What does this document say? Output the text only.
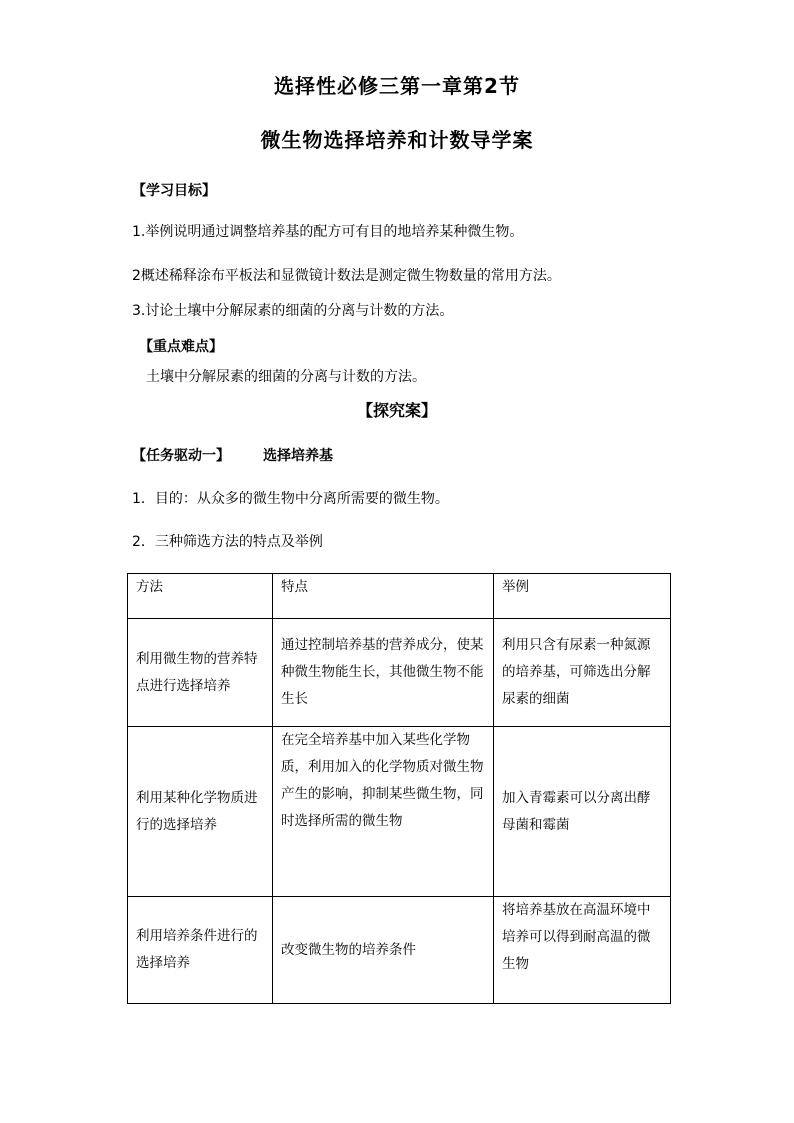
选择性必修三第一章第2节
微生物选择培养和计数导学案
【学习目标】
1.举例说明通过调整培养基的配方可有目的地培养某种微生物。
2概述稀释涂布平板法和显微镜计数法是测定微生物数量的常用方法。
3.讨论土壤中分解尿素的细菌的分离与计数的方法。
【重点难点】
土壤中分解尿素的细菌的分离与计数的方法。
【探究案】
【任务驱动一】 选择培养基
1．目的：从众多的微生物中分离所需要的微生物。
2．三种筛选方法的特点及举例
方法	特点	举例
利用微生物的营养特点进行选择培养	通过控制培养基的营养成分，使某种微生物能生长，其他微生物不能生长	利用只含有尿素一种氮源的培养基，可筛选出分解尿素的细菌
利用某种化学物质进行的选择培养	在完全培养基中加入某些化学物质，利用加入的化学物质对微生物产生的影响，抑制某些微生物，同时选择所需的微生物	加入青霉素可以分离出酵母菌和霉菌
利用培养条件进行的选择培养	改变微生物的培养条件	将培养基放在高温环境中培养可以得到耐高温的微生物
